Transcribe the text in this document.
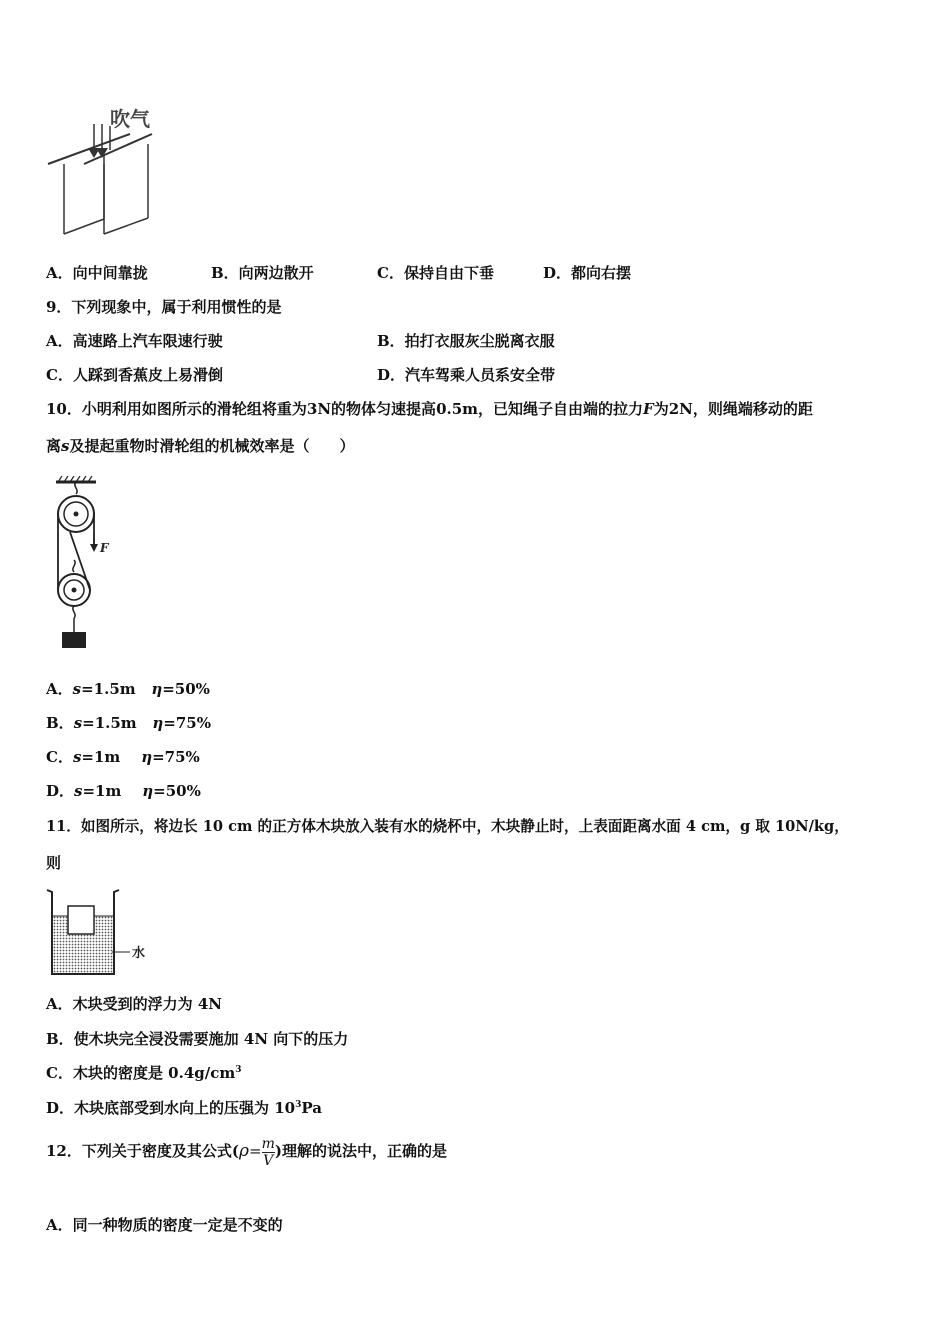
吹气
A．向中间靠拢	B．向两边散开	C．保持自由下垂	D．都向右摆
9．下列现象中，属于利用惯性的是
A．高速路上汽车限速行驶	B．拍打衣服灰尘脱离衣服
C．人踩到香蕉皮上易滑倒	D．汽车驾乘人员系安全带
10．小明利用如图所示的滑轮组将重为3N的物体匀速提高0.5m，已知绳子自由端的拉力F为2N，则绳端移动的距
离s及提起重物时滑轮组的机械效率是（　　）
F
A．s=1.5m η=50%
B．s=1.5m η=75%
C．s=1m η=75%
D．s=1m η=50%
11．如图所示，将边长 10 cm 的正方体木块放入装有水的烧杯中，木块静止时，上表面距离水面 4 cm，g 取 10N/kg，
则
水
A．木块受到的浮力为 4N
B．使木块完全浸没需要施加 4N 向下的压力
C．木块的密度是 $0.4g/cm^3$
D．木块底部受到水向上的压强为 $10^3Pa$
12．下列关于密度及其公式($\rho= \frac{m}{V}$ )理解的说法中，正确的是
A．同一种物质的密度一定是不变的
